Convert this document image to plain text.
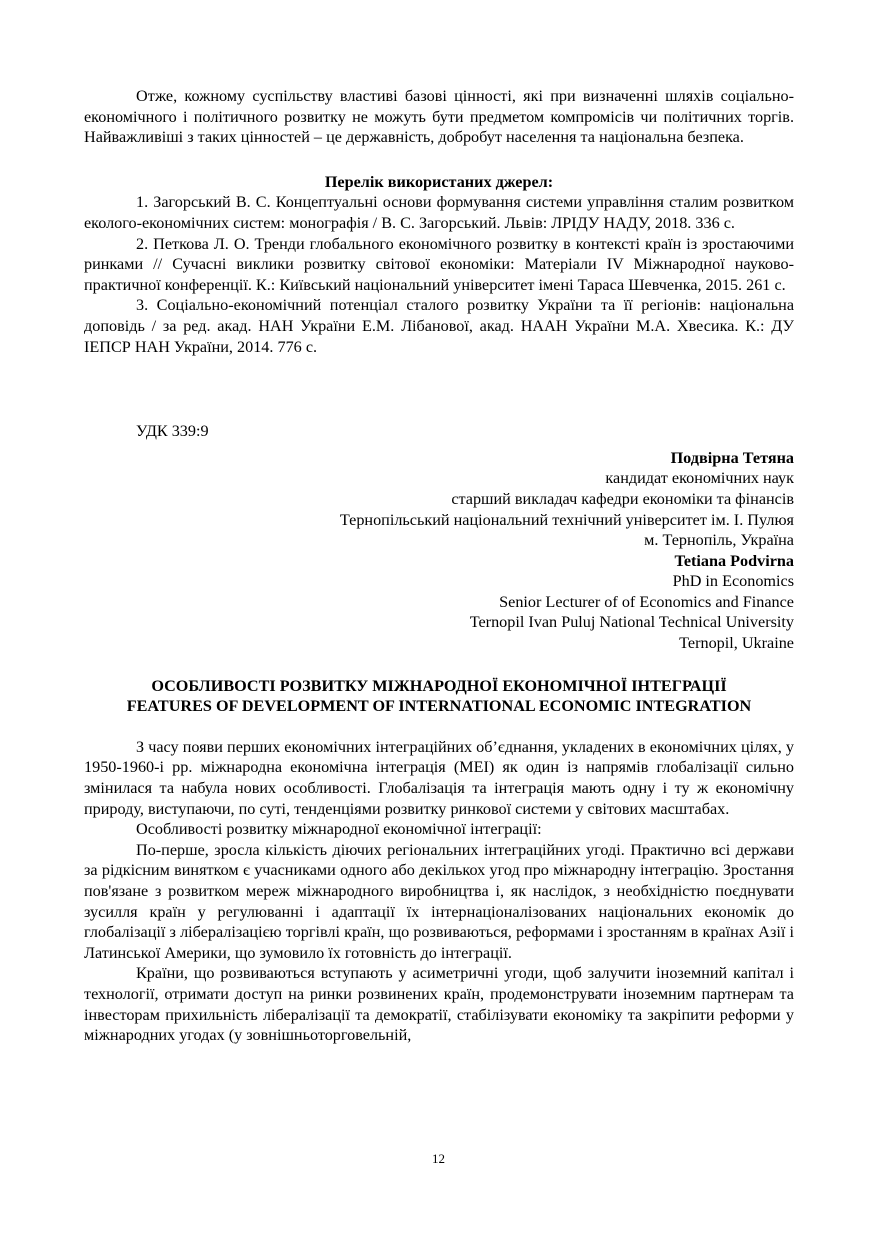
Отже, кожному суспільству властиві базові цінності, які при визначенні шляхів соціально-економічного і політичного розвитку не можуть бути предметом компромісів чи політичних торгів. Найважливіші з таких цінностей – це державність, добробут населення та національна безпека.

Перелік використаних джерел:

1. Загорський В. С. Концептуальні основи формування системи управління сталим розвитком еколого-економічних систем: монографія / В. С. Загорський. Львів: ЛРІДУ НАДУ, 2018. 336 с.

2. Петкова Л. О. Тренди глобального економічного розвитку в контексті країн із зростаючими ринками // Сучасні виклики розвитку світової економіки: Матеріали IV Міжнародної науково-практичної конференції. К.: Київський національний університет імені Тараса Шевченка, 2015. 261 с.

3. Соціально-економічний потенціал сталого розвитку України та її регіонів: національна доповідь / за ред. акад. НАН України Е.М. Лібанової, акад. НААН України М.А. Хвесика. К.: ДУ ІЕПСР НАН України, 2014. 776 с.

УДК 339:9

Подвірна Тетяна
кандидат економічних наук
старший викладач кафедри економіки та фінансів
Тернопільський національний технічний університет ім. І. Пулюя
м. Тернопіль, Україна
Tetiana Podvirna
PhD in Economics
Senior Lecturer of of Economics and Finance
Ternopil Ivan Puluj National Technical University
Ternopil, Ukraine
ОСОБЛИВОСТІ РОЗВИТКУ МІЖНАРОДНОЇ ЕКОНОМІЧНОЇ ІНТЕГРАЦІЇ
FEATURES OF DEVELOPMENT OF INTERNATIONAL ECONOMIC INTEGRATION

З часу появи перших економічних інтеграційних об’єднання, укладених в економічних цілях, у 1950-1960-і рр. міжнародна економічна інтеграція (МЕІ) як один із напрямів глобалізації сильно змінилася та набула нових особливості. Глобалізація та інтеграція мають одну і ту ж економічну природу, виступаючи, по суті, тенденціями розвитку ринкової системи у світових масштабах.

Особливості розвитку міжнародної економічної інтеграції:

По-перше, зросла кількість діючих регіональних інтеграційних угоді. Практично всі держави за рідкісним винятком є учасниками одного або декількох угод про міжнародну інтеграцію. Зростання пов'язане з розвитком мереж міжнародного виробництва і, як наслідок, з необхідністю поєднувати зусилля країн у регулюванні і адаптації їх інтернаціоналізованих національних економік до глобалізації з лібералізацією торгівлі країн, що розвиваються, реформами і зростанням в країнах Азії і Латинської Америки, що зумовило їх готовність до інтеграції.

Країни, що розвиваються вступають у асиметричні угоди, щоб залучити іноземний капітал і технології, отримати доступ на ринки розвинених країн, продемонструвати іноземним партнерам та інвесторам прихильність лібералізації та демократії, стабілізувати економіку та закріпити реформи у міжнародних угодах (у зовнішньоторговельній,

12
